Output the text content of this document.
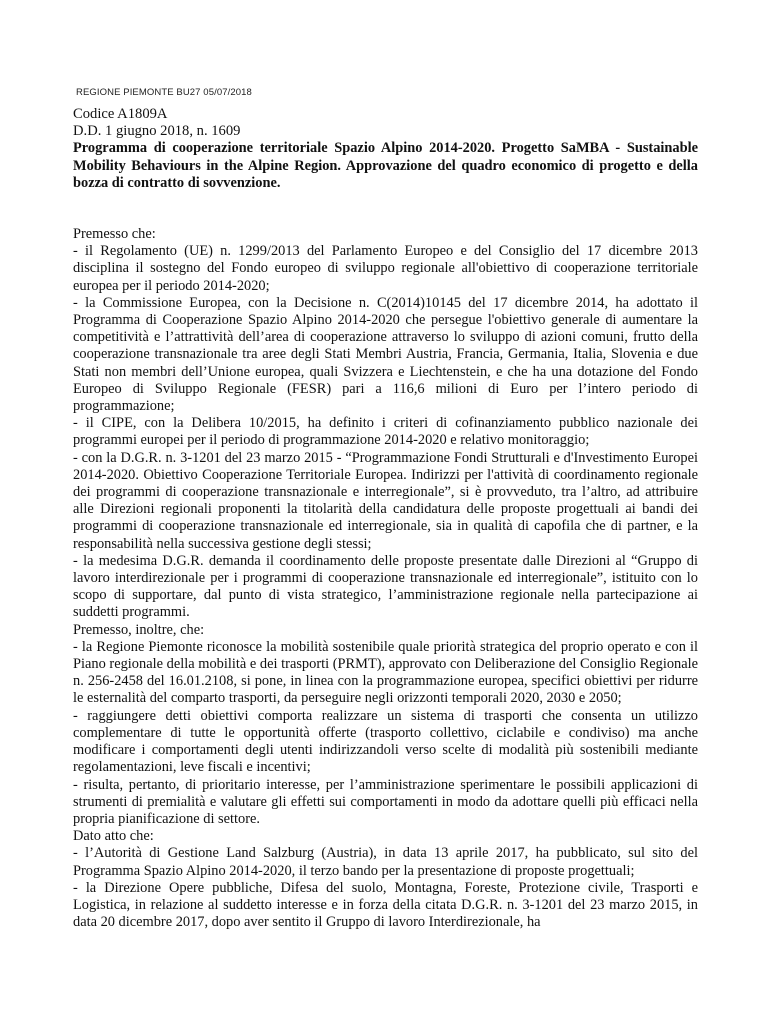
REGIONE PIEMONTE BU27 05/07/2018
Codice A1809A
D.D. 1 giugno 2018, n. 1609
Programma di cooperazione territoriale Spazio Alpino 2014-2020. Progetto SaMBA - Sustainable Mobility Behaviours in the Alpine Region. Approvazione del quadro economico di progetto e della bozza di contratto di sovvenzione.

Premesso che:

- il Regolamento (UE) n. 1299/2013 del Parlamento Europeo e del Consiglio del 17 dicembre 2013 disciplina il sostegno del Fondo europeo di sviluppo regionale all'obiettivo di cooperazione territoriale europea per il periodo 2014-2020;

- la Commissione Europea, con la Decisione n. C(2014)10145 del 17 dicembre 2014, ha adottato il Programma di Cooperazione Spazio Alpino 2014-2020 che persegue l'obiettivo generale di aumentare la competitività e l’attrattività dell’area di cooperazione attraverso lo sviluppo di azioni comuni, frutto della cooperazione transnazionale tra aree degli Stati Membri Austria, Francia, Germania, Italia, Slovenia e due Stati non membri dell’Unione europea, quali Svizzera e Liechtenstein, e che ha una dotazione del Fondo Europeo di Sviluppo Regionale (FESR) pari a 116,6 milioni di Euro per l’intero periodo di programmazione;

- il CIPE, con la Delibera 10/2015, ha definito i criteri di cofinanziamento pubblico nazionale dei programmi europei per il periodo di programmazione 2014-2020 e relativo monitoraggio;

- con la D.G.R. n. 3-1201 del 23 marzo 2015 - “Programmazione Fondi Strutturali e d'Investimento Europei 2014-2020. Obiettivo Cooperazione Territoriale Europea. Indirizzi per l'attività di coordinamento regionale dei programmi di cooperazione transnazionale e interregionale”, si è provveduto, tra l’altro, ad attribuire alle Direzioni regionali proponenti la titolarità della candidatura delle proposte progettuali ai bandi dei programmi di cooperazione transnazionale ed interregionale, sia in qualità di capofila che di partner, e la responsabilità nella successiva gestione degli stessi;

- la medesima D.G.R. demanda il coordinamento delle proposte presentate dalle Direzioni al “Gruppo di lavoro interdirezionale per i programmi di cooperazione transnazionale ed interregionale”, istituito con lo scopo di supportare, dal punto di vista strategico, l’amministrazione regionale nella partecipazione ai suddetti programmi.

Premesso, inoltre, che:

- la Regione Piemonte riconosce la mobilità sostenibile quale priorità strategica del proprio operato e con il Piano regionale della mobilità e dei trasporti (PRMT), approvato con Deliberazione del Consiglio Regionale n. 256-2458 del 16.01.2108, si pone, in linea con la programmazione europea, specifici obiettivi per ridurre le esternalità del comparto trasporti, da perseguire negli orizzonti temporali 2020, 2030 e 2050;

- raggiungere detti obiettivi comporta realizzare un sistema di trasporti che consenta un utilizzo complementare di tutte le opportunità offerte (trasporto collettivo, ciclabile e condiviso) ma anche modificare i comportamenti degli utenti indirizzandoli verso scelte di modalità più sostenibili mediante regolamentazioni, leve fiscali e incentivi;

- risulta, pertanto, di prioritario interesse, per l’amministrazione sperimentare le possibili applicazioni di strumenti di premialità e valutare gli effetti sui comportamenti in modo da adottare quelli più efficaci nella propria pianificazione di settore.

Dato atto che:

- l’Autorità di Gestione Land Salzburg (Austria), in data 13 aprile 2017, ha pubblicato, sul sito del Programma Spazio Alpino 2014-2020, il terzo bando per la presentazione di proposte progettuali;

- la Direzione Opere pubbliche, Difesa del suolo, Montagna, Foreste, Protezione civile, Trasporti e Logistica, in relazione al suddetto interesse e in forza della citata D.G.R. n. 3-1201 del 23 marzo 2015, in data 20 dicembre 2017, dopo aver sentito il Gruppo di lavoro Interdirezionale, ha
